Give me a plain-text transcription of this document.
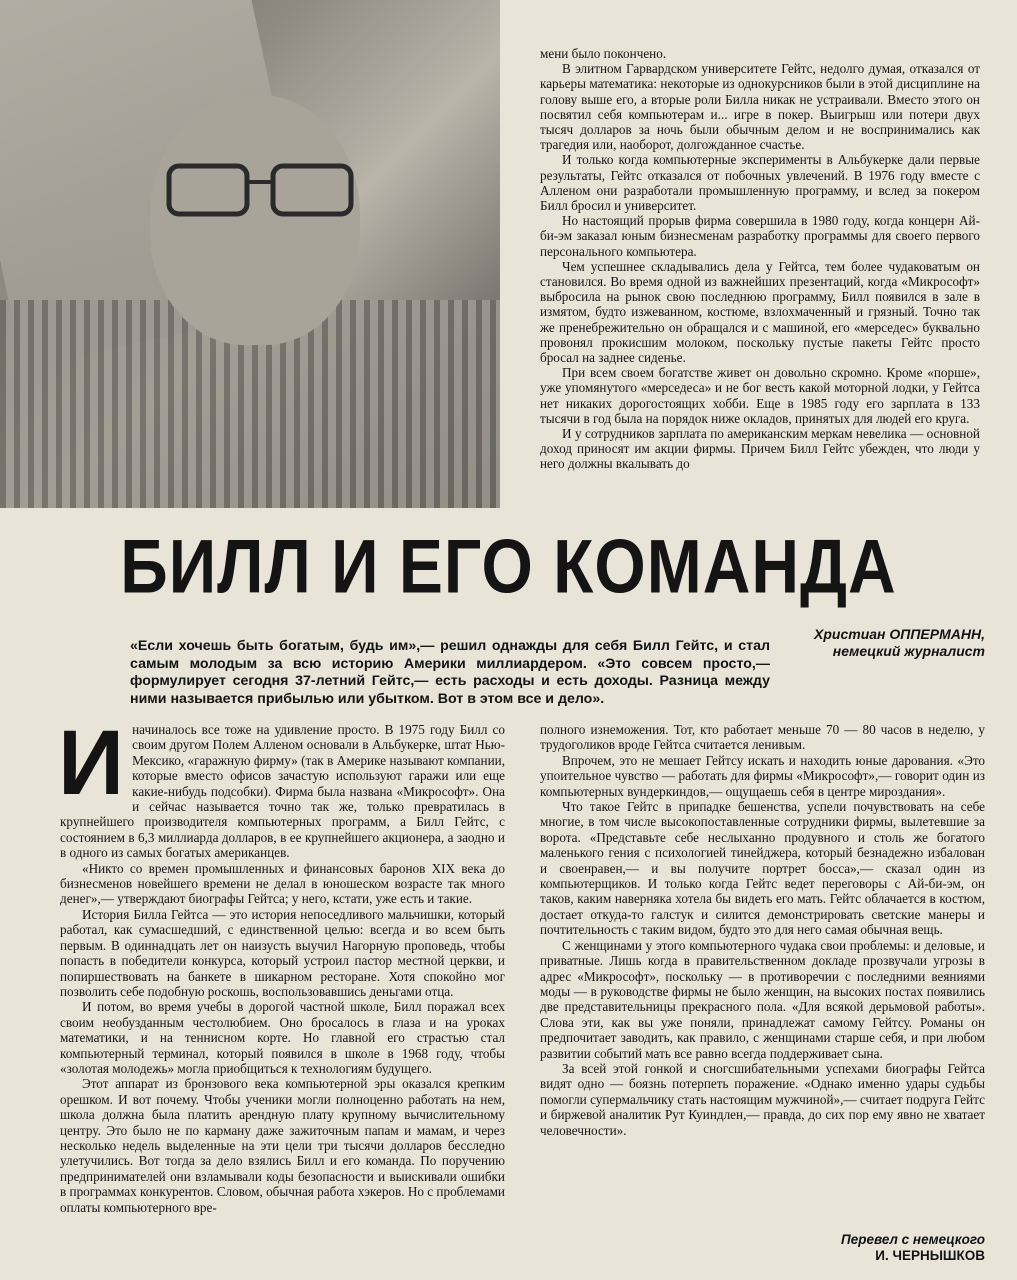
мени было покончено.

В элитном Гарвардском университете Гейтс, недолго думая, отказался от карьеры математика: некоторые из однокурсников были в этой дисциплине на голову выше его, а вторые роли Билла никак не устраивали. Вместо этого он посвятил себя компьютерам и... игре в покер. Выигрыш или потери двух тысяч долларов за ночь были обычным делом и не воспринимались как трагедия или, наоборот, долгожданное счастье.

И только когда компьютерные эксперименты в Альбукерке дали первые результаты, Гейтс отказался от побочных увлечений. В 1976 году вместе с Алленом они разработали промышленную программу, и вслед за покером Билл бросил и университет.

Но настоящий прорыв фирма совершила в 1980 году, когда концерн Ай-би-эм заказал юным бизнесменам разработку программы для своего первого персонального компьютера.

Чем успешнее складывались дела у Гейтса, тем более чудаковатым он становился. Во время одной из важнейших презентаций, когда «Микрософт» выбросила на рынок свою последнюю программу, Билл появился в зале в измятом, будто изжеванном, костюме, взлохмаченный и грязный. Точно так же пренебрежительно он обращался и с машиной, его «мерседес» буквально провонял прокисшим молоком, поскольку пустые пакеты Гейтс просто бросал на заднее сиденье.

При всем своем богатстве живет он довольно скромно. Кроме «порше», уже упомянутого «мерседеса» и не бог весть какой моторной лодки, у Гейтса нет никаких дорогостоящих хобби. Еще в 1985 году его зарплата в 133 тысячи в год была на порядок ниже окладов, принятых для людей его круга.

И у сотрудников зарплата по американским меркам невелика — основной доход приносят им акции фирмы. Причем Билл Гейтс убежден, что люди у него должны вкалывать до

БИЛЛ И ЕГО КОМАНДА
Христиан ОППЕРМАНН,
немецкий журналист
«Если хочешь быть богатым, будь им»,— решил однажды для себя Билл Гейтс, и стал самым молодым за всю историю Америки миллиардером. «Это совсем просто,— формулирует сегодня 37-летний Гейтс,— есть расходы и есть доходы. Разница между ними называется прибылью или убытком. Вот в этом все и дело».
И начиналось все тоже на удивление просто. В 1975 году Билл со своим другом Полем Алленом основали в Альбукерке, штат Нью-Мексико, «гаражную фирму» (так в Америке называют компании, которые вместо офисов зачастую используют гаражи или еще какие-нибудь подсобки). Фирма была названа «Микрософт». Она и сейчас называется точно так же, только превратилась в крупнейшего производителя компьютерных программ, а Билл Гейтс, с состоянием в 6,3 миллиарда долларов, в ее крупнейшего акционера, а заодно и в одного из самых богатых американцев.

«Никто со времен промышленных и финансовых баронов XIX века до бизнесменов новейшего времени не делал в юношеском возрасте так много денег»,— утверждают биографы Гейтса; у него, кстати, уже есть и такие.

История Билла Гейтса — это история непоседливого мальчишки, который работал, как сумасшедший, с единственной целью: всегда и во всем быть первым. В одиннадцать лет он наизусть выучил Нагорную проповедь, чтобы попасть в победители конкурса, который устроил пастор местной церкви, и попиршествовать на банкете в шикарном ресторане. Хотя спокойно мог позволить себе подобную роскошь, воспользовавшись деньгами отца.

И потом, во время учебы в дорогой частной школе, Билл поражал всех своим необузданным честолюбием. Оно бросалось в глаза и на уроках математики, и на теннисном корте. Но главной его страстью стал компьютерный терминал, который появился в школе в 1968 году, чтобы «золотая молодежь» могла приобщиться к технологиям будущего.

Этот аппарат из бронзового века компьютерной эры оказался крепким орешком. И вот почему. Чтобы ученики могли полноценно работать на нем, школа должна была платить арендную плату крупному вычислительному центру. Это было не по карману даже зажиточным папам и мамам, и через несколько недель выделенные на эти цели три тысячи долларов бесследно улетучились. Вот тогда за дело взялись Билл и его команда. По поручению предпринимателей они взламывали коды безопасности и выискивали ошибки в программах конкурентов. Словом, обычная работа хэкеров. Но с проблемами оплаты компьютерного вре-

полного изнеможения. Тот, кто работает меньше 70 — 80 часов в неделю, у трудоголиков вроде Гейтса считается ленивым.

Впрочем, это не мешает Гейтсу искать и находить юные дарования. «Это упоительное чувство — работать для фирмы «Микрософт»,— говорит один из компьютерных вундеркиндов,— ощущаешь себя в центре мироздания».

Что такое Гейтс в припадке бешенства, успели почувствовать на себе многие, в том числе высокопоставленные сотрудники фирмы, вылетевшие за ворота. «Представьте себе неслыханно продувного и столь же богатого маленького гения с психологией тинейджера, который безнадежно избалован и своенравен,— и вы получите портрет босса»,— сказал один из компьютерщиков. И только когда Гейтс ведет переговоры с Ай-би-эм, он таков, каким наверняка хотела бы видеть его мать. Гейтс облачается в костюм, достает откуда-то галстук и силится демонстрировать светские манеры и почтительность с таким видом, будто это для него самая обычная вещь.

С женщинами у этого компьютерного чудака свои проблемы: и деловые, и приватные. Лишь когда в правительственном докладе прозвучали угрозы в адрес «Микрософт», поскольку — в противоречии с последними веяниями моды — в руководстве фирмы не было женщин, на высоких постах появились две представительницы прекрасного пола. «Для всякой дерьмовой работы». Слова эти, как вы уже поняли, принадлежат самому Гейтсу. Романы он предпочитает заводить, как правило, с женщинами старше себя, и при любом развитии событий мать все равно всегда поддерживает сына.

За всей этой гонкой и сногсшибательными успехами биографы Гейтса видят одно — боязнь потерпеть поражение. «Однако именно удары судьбы помогли супермальчику стать настоящим мужчиной»,— считает подруга Гейтс и биржевой аналитик Рут Куиндлен,— правда, до сих пор ему явно не хватает человечности».

Перевел с немецкого
И. ЧЕРНЫШКОВ
